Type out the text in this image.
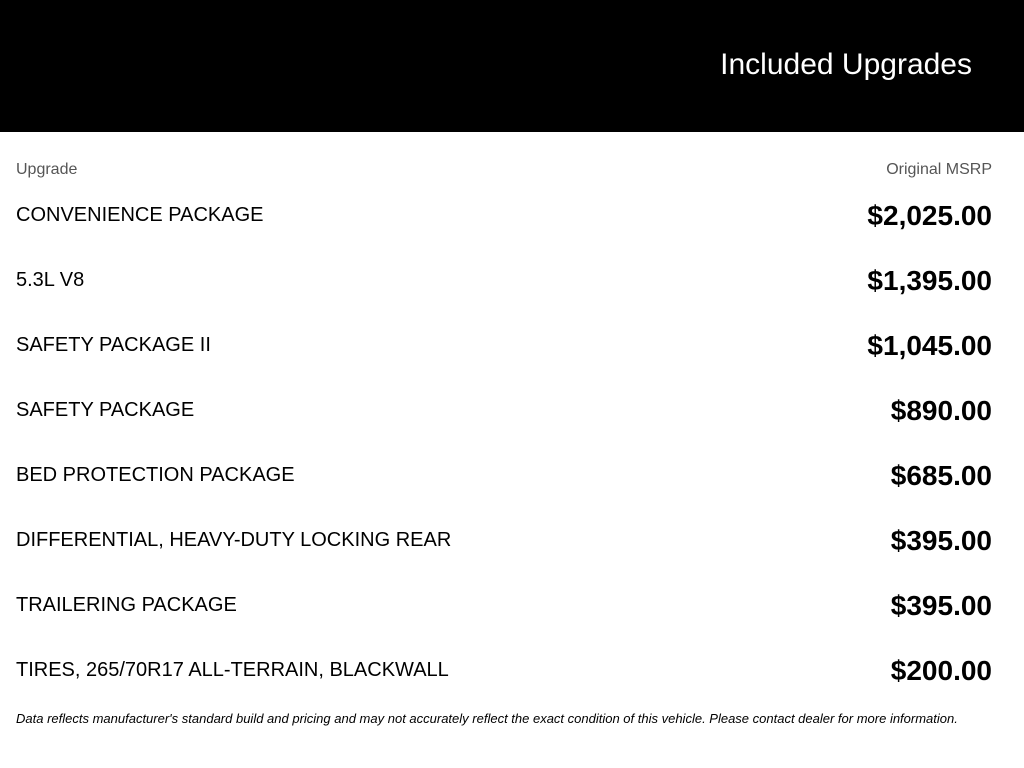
Included Upgrades
Upgrade	Original MSRP
CONVENIENCE PACKAGE	$2,025.00
5.3L V8	$1,395.00
SAFETY PACKAGE II	$1,045.00
SAFETY PACKAGE	$890.00
BED PROTECTION PACKAGE	$685.00
DIFFERENTIAL, HEAVY-DUTY LOCKING REAR	$395.00
TRAILERING PACKAGE	$395.00
TIRES, 265/70R17 ALL-TERRAIN, BLACKWALL	$200.00
Data reflects manufacturer's standard build and pricing and may not accurately reflect the exact condition of this vehicle. Please contact dealer for more information.
